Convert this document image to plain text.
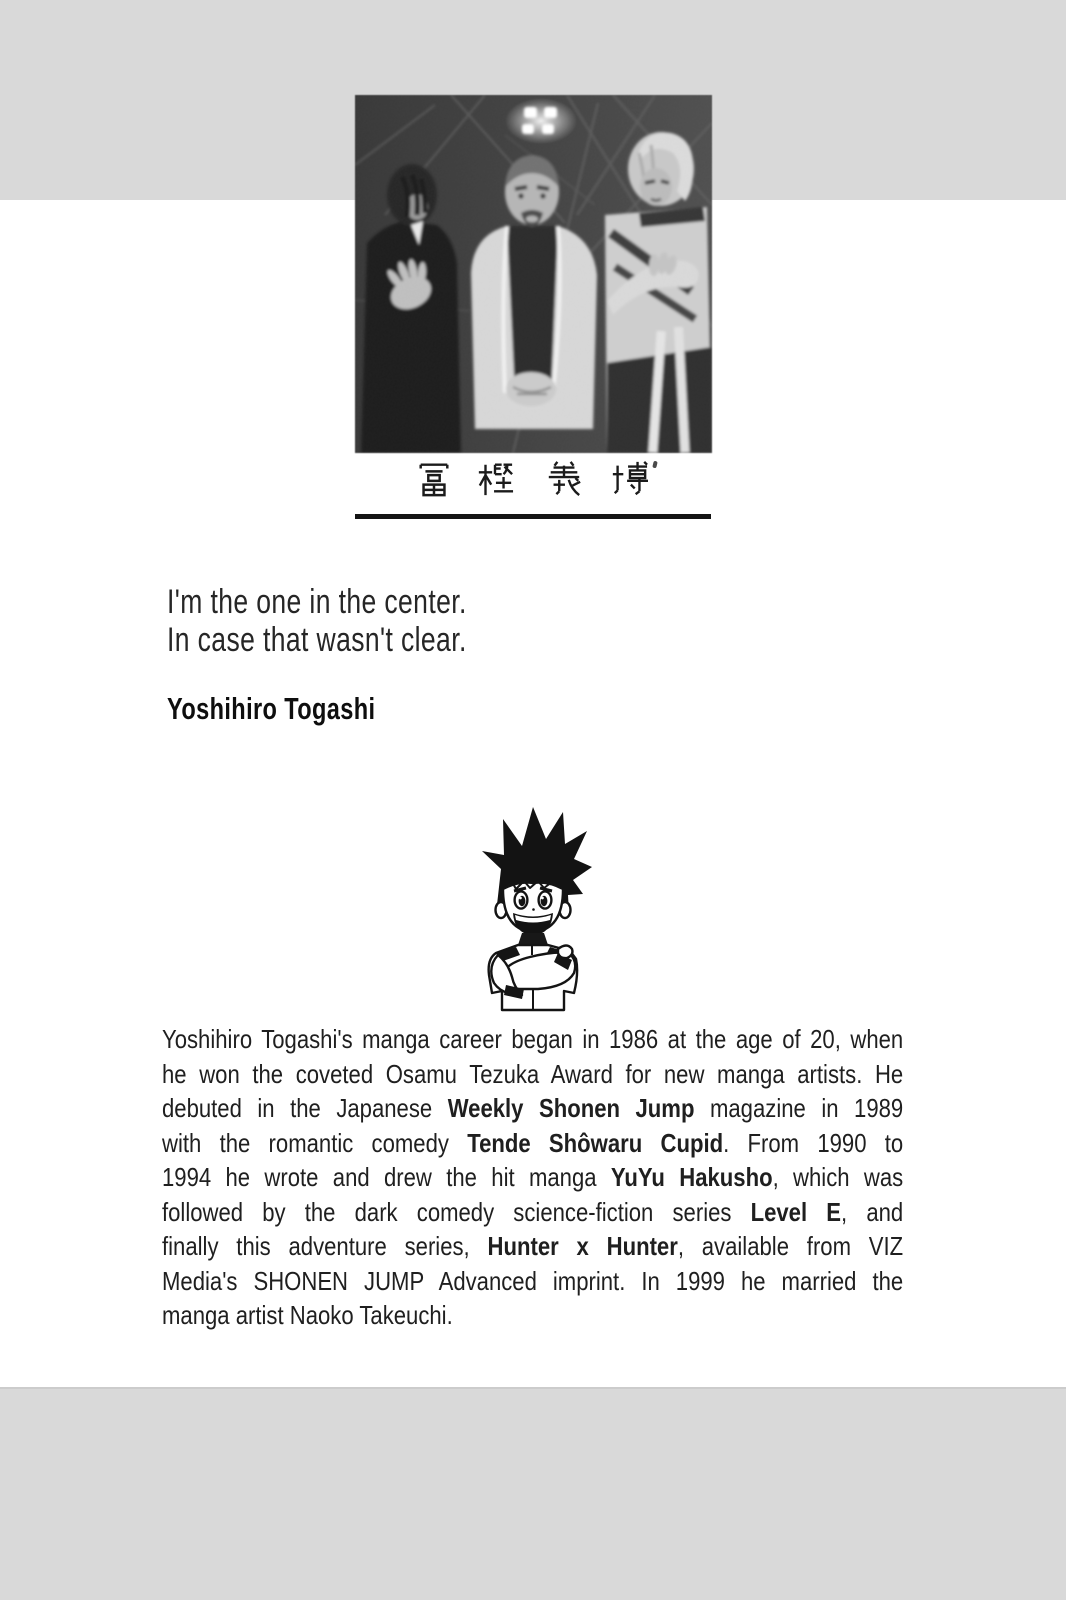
I'm the one in the center.
In case that wasn't clear.
Yoshihiro Togashi
Yoshihiro Togashi's manga career began in 1986 at the age of 20, when
he won the coveted Osamu Tezuka Award for new manga artists. He
debuted in the Japanese Weekly Shonen Jump magazine in 1989
with the romantic comedy Tende Shôwaru Cupid. From 1990 to
1994 he wrote and drew the hit manga YuYu Hakusho, which was
followed by the dark comedy science-fiction series Level E, and
finally this adventure series, Hunter x Hunter, available from VIZ
Media's SHONEN JUMP Advanced imprint. In 1999 he married the
manga artist Naoko Takeuchi.
